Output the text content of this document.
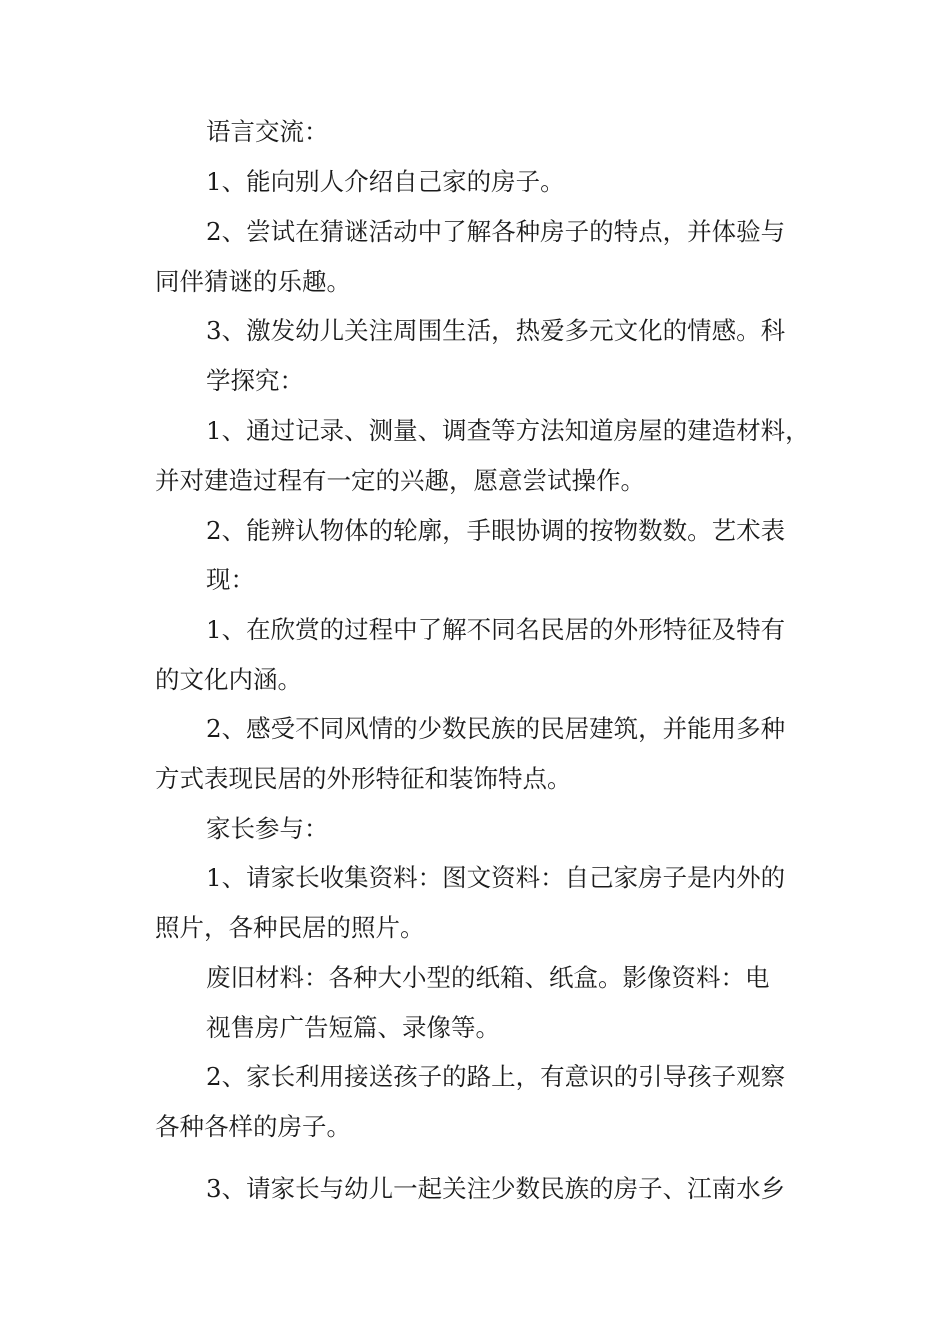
语言交流：
1、能向别人介绍自己家的房子。
2、尝试在猜谜活动中了解各种房子的特点，并体验与
同伴猜谜的乐趣。
3、激发幼儿关注周围生活，热爱多元文化的情感。科
学探究：
1、通过记录、测量、调查等方法知道房屋的建造材料，
并对建造过程有一定的兴趣，愿意尝试操作。
2、能辨认物体的轮廓，手眼协调的按物数数。艺术表
现：
1、在欣赏的过程中了解不同名民居的外形特征及特有
的文化内涵。
2、感受不同风情的少数民族的民居建筑，并能用多种
方式表现民居的外形特征和装饰特点。
家长参与：
1、请家长收集资料：图文资料：自己家房子是内外的
照片，各种民居的照片。
废旧材料：各种大小型的纸箱、纸盒。影像资料：电
视售房广告短篇、录像等。
2、家长利用接送孩子的路上，有意识的引导孩子观察
各种各样的房子。
3、请家长与幼儿一起关注少数民族的房子、江南水乡
